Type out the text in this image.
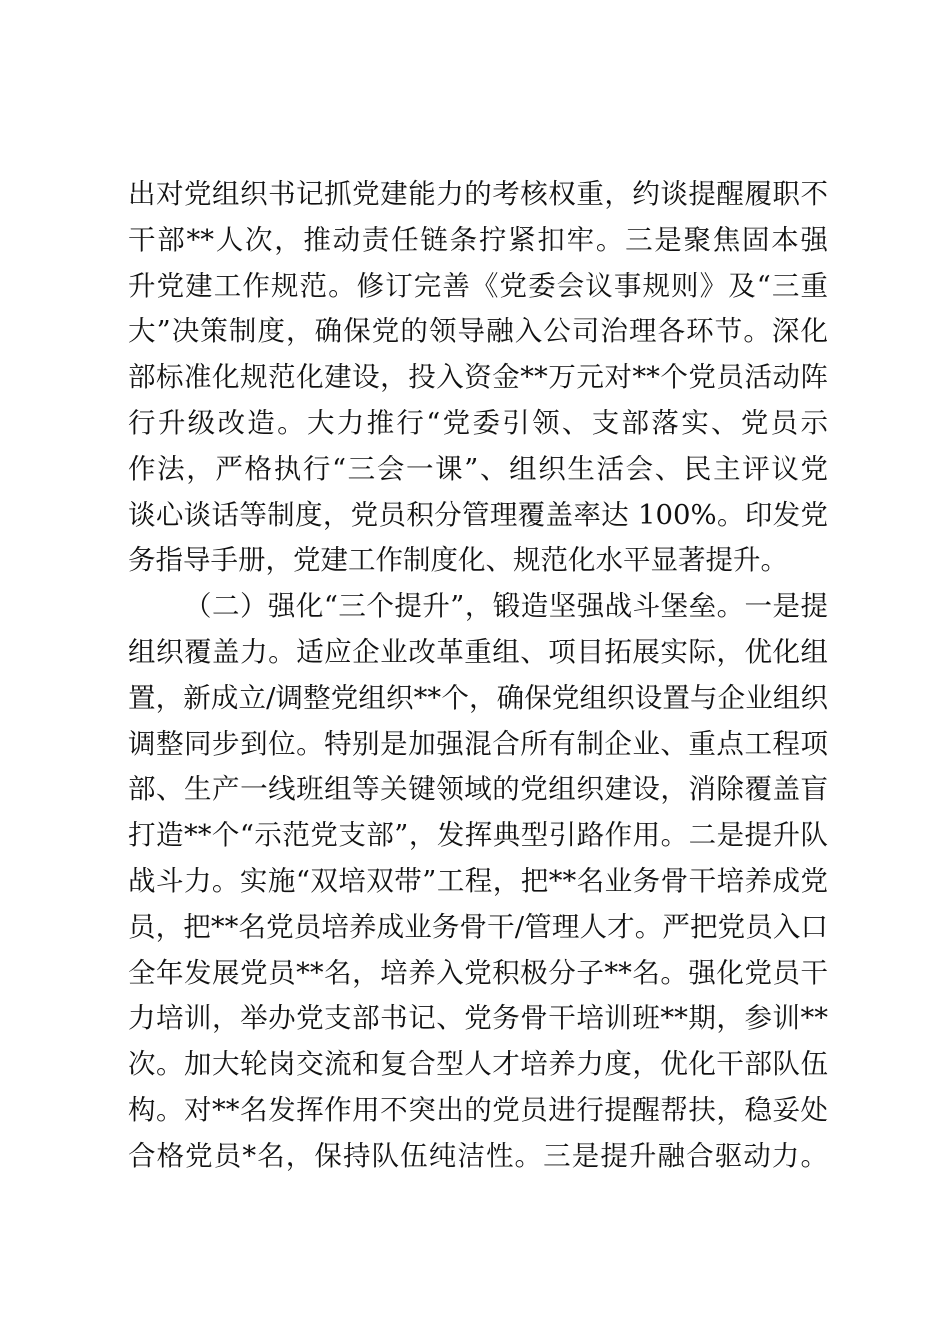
出对党组织书记抓党建能力的考核权重，约谈提醒履职不
干部**人次，推动责任链条拧紧扣牢。三是聚焦固本强
升党建工作规范。修订完善《党委会议事规则》及“三重
大”决策制度，确保党的领导融入公司治理各环节。深化
部标准化规范化建设，投入资金**万元对**个党员活动阵
行升级改造。大力推行“党委引领、支部落实、党员示
作法，严格执行“三会一课”、组织生活会、民主评议党
谈心谈话等制度，党员积分管理覆盖率达 100%。印发党
务指导手册，党建工作制度化、规范化水平显著提升。
（二）强化“三个提升”，锻造坚强战斗堡垒。一是提
组织覆盖力。适应企业改革重组、项目拓展实际，优化组
置，新成立/调整党组织**个，确保党组织设置与企业组织
调整同步到位。特别是加强混合所有制企业、重点工程项
部、生产一线班组等关键领域的党组织建设，消除覆盖盲
打造**个“示范党支部”，发挥典型引路作用。二是提升队
战斗力。实施“双培双带”工程，把**名业务骨干培养成党
员，把**名党员培养成业务骨干/管理人才。严把党员入口
全年发展党员**名，培养入党积极分子**名。强化党员干
力培训，举办党支部书记、党务骨干培训班**期，参训**
次。加大轮岗交流和复合型人才培养力度，优化干部队伍
构。对**名发挥作用不突出的党员进行提醒帮扶，稳妥处
合格党员*名，保持队伍纯洁性。三是提升融合驱动力。
